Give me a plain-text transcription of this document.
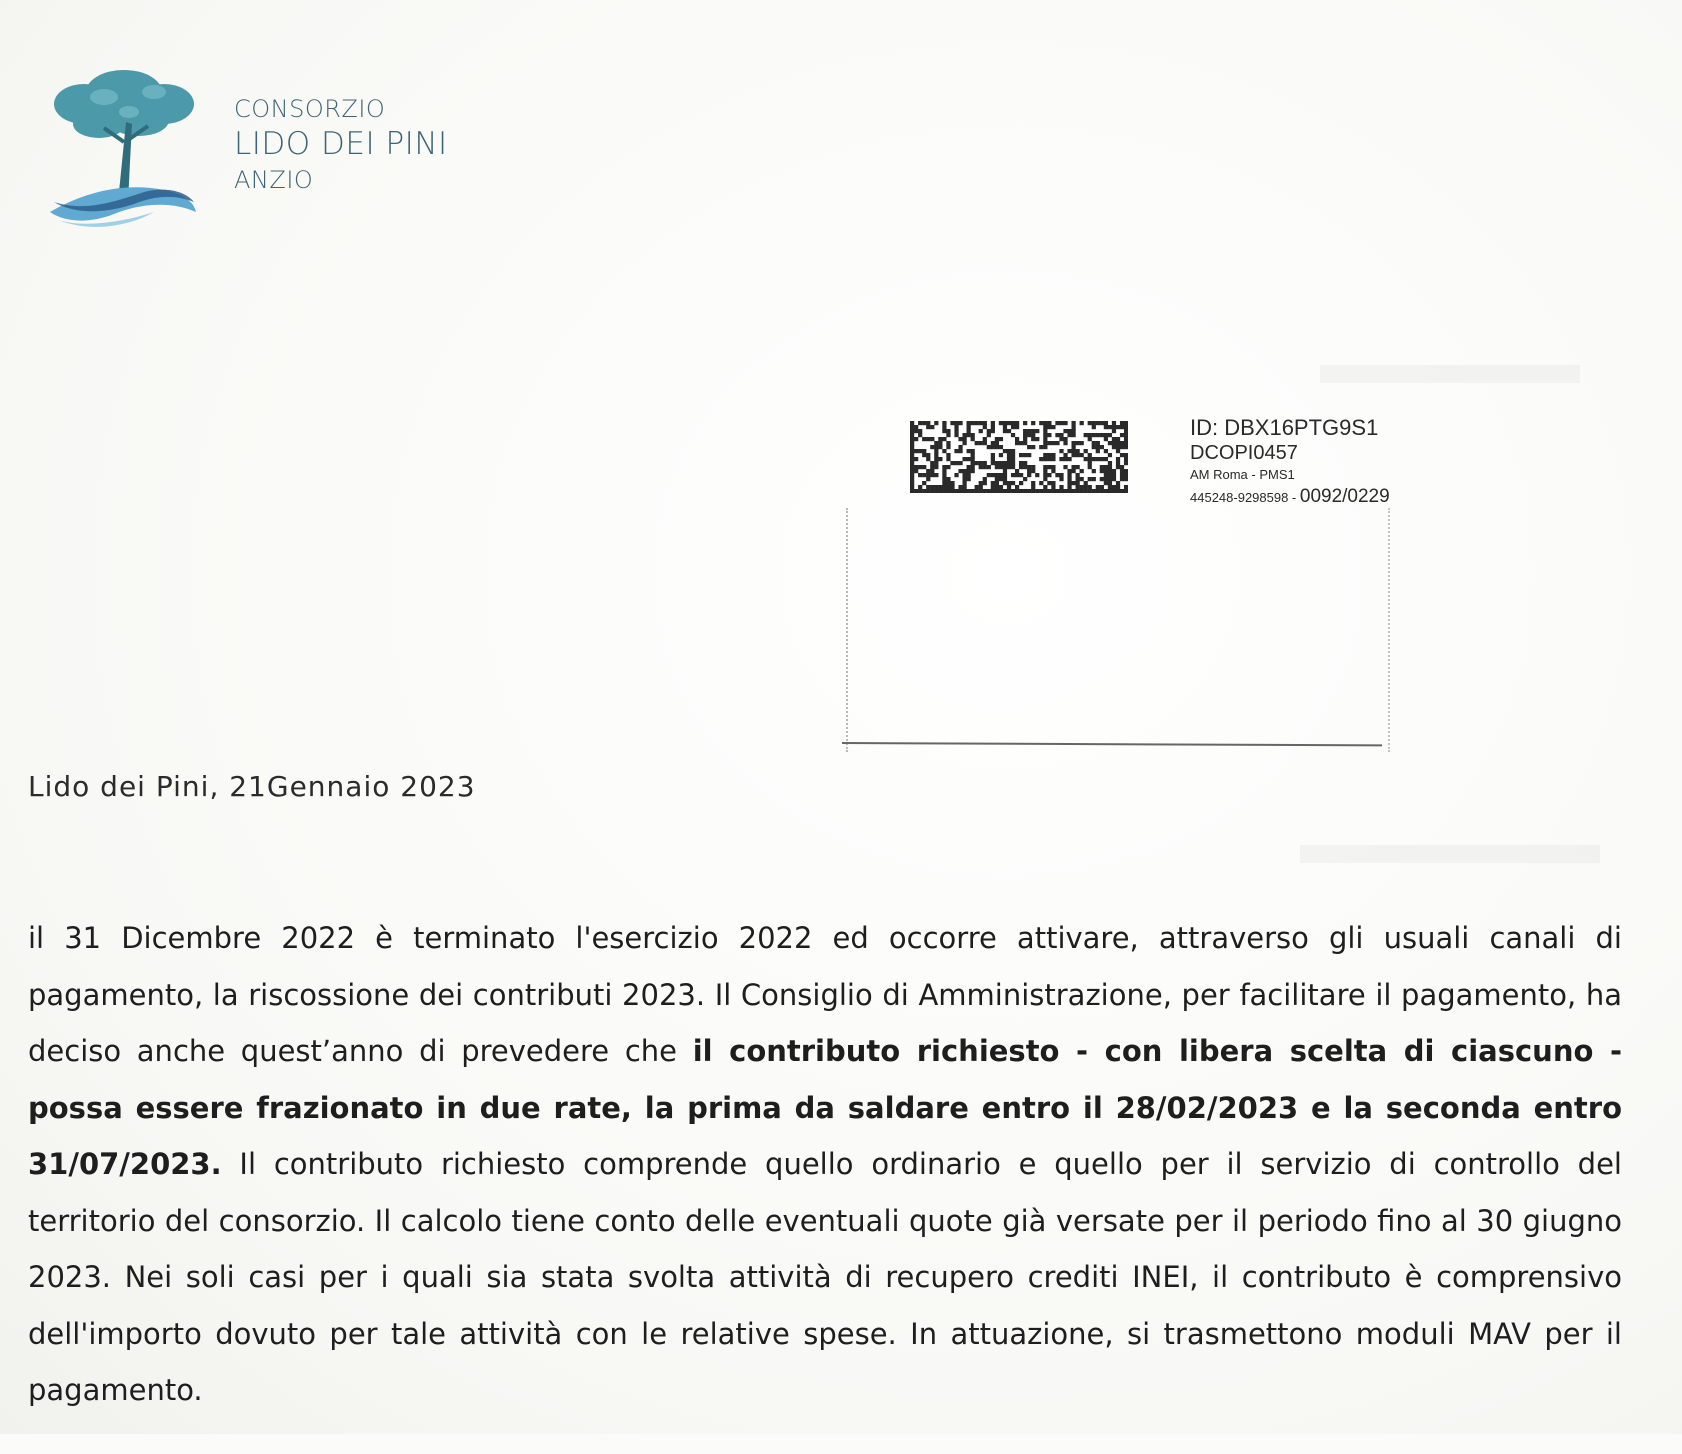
CONSORZIO
LIDO DEI PINI
ANZIO
ID: DBX16PTG9S1
DCOPI0457
AM Roma - PMS1
445248-9298598 - 0092/0229
Lido dei Pini, 21Gennaio 2023
il 31 Dicembre 2022 è terminato l'esercizio 2022 ed occorre attivare, attraverso gli usuali canali di pagamento, la riscossione dei contributi 2023. Il Consiglio di Amministrazione, per facilitare il pagamento, ha deciso anche quest’anno di prevedere che il contributo richiesto - con libera scelta di ciascuno - possa essere frazionato in due rate, la prima da saldare entro il 28/02/2023 e la seconda entro 31/07/2023. Il contributo richiesto comprende quello ordinario e quello per il servizio di controllo del territorio del consorzio. Il calcolo tiene conto delle eventuali quote già versate per il periodo fino al 30 giugno 2023. Nei soli casi per i quali sia stata svolta attività di recupero crediti INEI, il contributo è comprensivo dell'importo dovuto per tale attività con le relative spese. In attuazione, si trasmettono moduli MAV per il pagamento.
